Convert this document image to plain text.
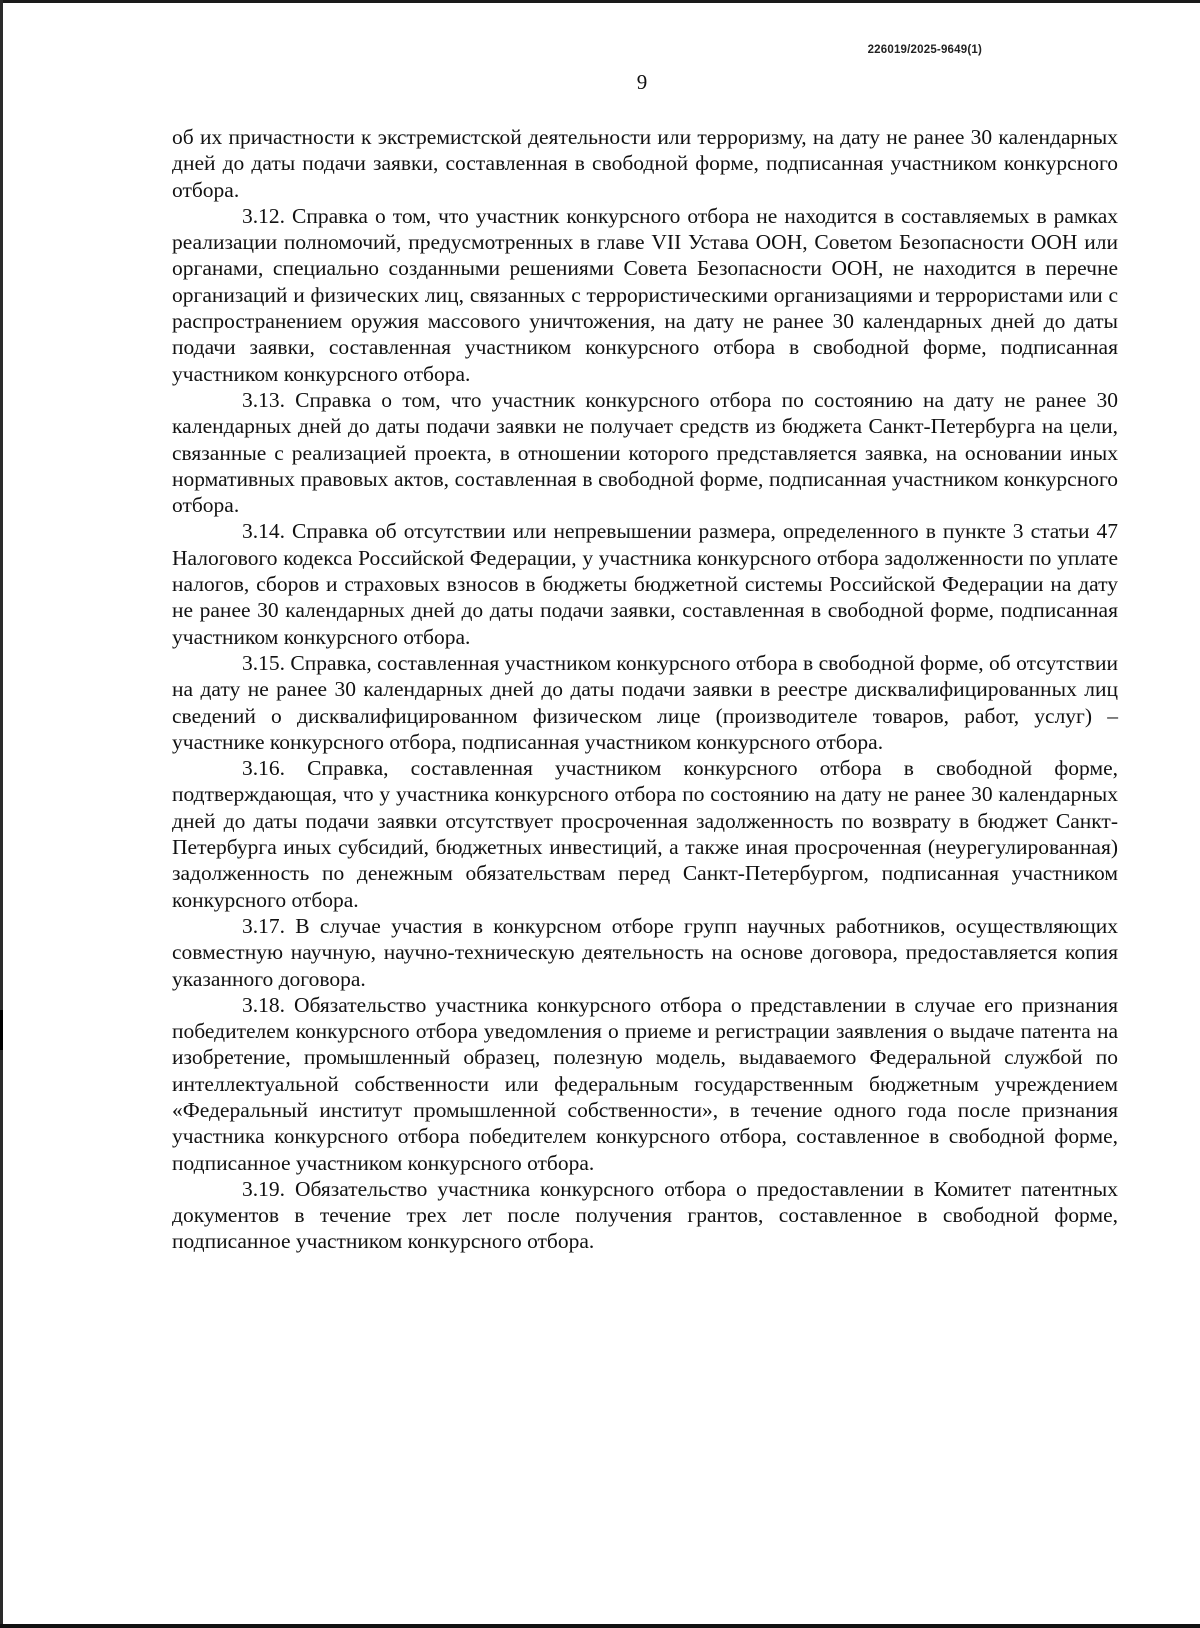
226019/2025-9649(1)
9

об их причастности к экстремистской деятельности или терроризму, на дату не ранее 30 календарных дней до даты подачи заявки, составленная в свободной форме, подписанная участником конкурсного отбора.

3.12. Справка о том, что участник конкурсного отбора не находится в составляемых в рамках реализации полномочий, предусмотренных в главе VII Устава ООН, Советом Безопасности ООН или органами, специально созданными решениями Совета Безопасности ООН, не находится в перечне организаций и физических лиц, связанных с террористическими организациями и террористами или с распространением оружия массового уничтожения, на дату не ранее 30 календарных дней до даты подачи заявки, составленная участником конкурсного отбора в свободной форме, подписанная участником конкурсного отбора.

3.13. Справка о том, что участник конкурсного отбора по состоянию на дату не ранее 30 календарных дней до даты подачи заявки не получает средств из бюджета Санкт-Петербурга на цели, связанные с реализацией проекта, в отношении которого представляется заявка, на основании иных нормативных правовых актов, составленная в свободной форме, подписанная участником конкурсного отбора.

3.14. Справка об отсутствии или непревышении размера, определенного в пункте 3 статьи 47 Налогового кодекса Российской Федерации, у участника конкурсного отбора задолженности по уплате налогов, сборов и страховых взносов в бюджеты бюджетной системы Российской Федерации на дату не ранее 30 календарных дней до даты подачи заявки, составленная в свободной форме, подписанная участником конкурсного отбора.

3.15. Справка, составленная участником конкурсного отбора в свободной форме, об отсутствии на дату не ранее 30 календарных дней до даты подачи заявки в реестре дисквалифицированных лиц сведений о дисквалифицированном физическом лице (производителе товаров, работ, услуг) – участнике конкурсного отбора, подписанная участником конкурсного отбора.

3.16. Справка, составленная участником конкурсного отбора в свободной форме, подтверждающая, что у участника конкурсного отбора по состоянию на дату не ранее 30 календарных дней до даты подачи заявки отсутствует просроченная задолженность по возврату в бюджет Санкт-Петербурга иных субсидий, бюджетных инвестиций, а также иная просроченная (неурегулированная) задолженность по денежным обязательствам перед Санкт-Петербургом, подписанная участником конкурсного отбора.

3.17. В случае участия в конкурсном отборе групп научных работников, осуществляющих совместную научную, научно-техническую деятельность на основе договора, предоставляется копия указанного договора.

3.18. Обязательство участника конкурсного отбора о представлении в случае его признания победителем конкурсного отбора уведомления о приеме и регистрации заявления о выдаче патента на изобретение, промышленный образец, полезную модель, выдаваемого Федеральной службой по интеллектуальной собственности или федеральным государственным бюджетным учреждением «Федеральный институт промышленной собственности», в течение одного года после признания участника конкурсного отбора победителем конкурсного отбора, составленное в свободной форме, подписанное участником конкурсного отбора.

3.19. Обязательство участника конкурсного отбора о предоставлении в Комитет патентных документов в течение трех лет после получения грантов, составленное в свободной форме, подписанное участником конкурсного отбора.
